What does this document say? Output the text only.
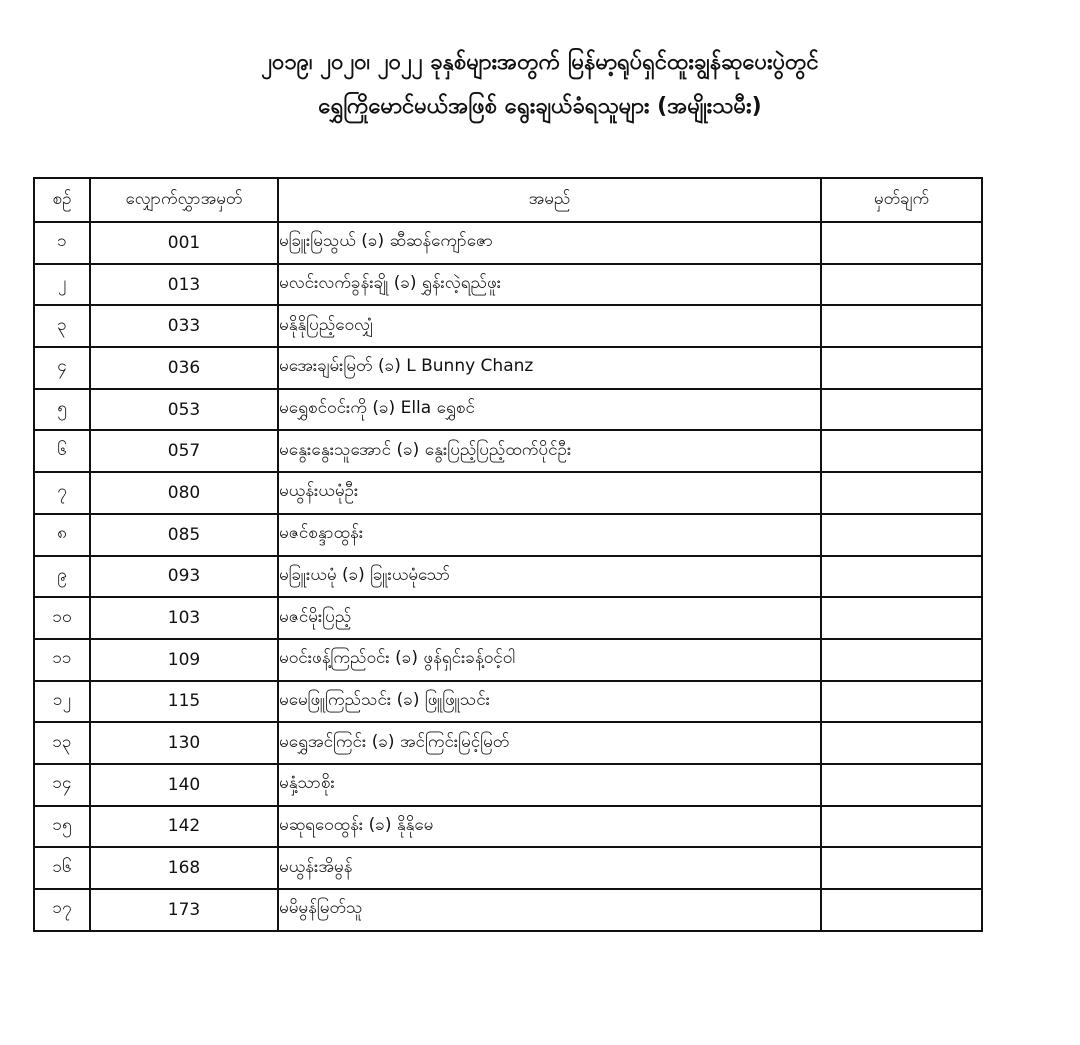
၂၀၁၉၊ ၂၀၂၀၊ ၂၀၂၂ ခုနှစ်များအတွက် မြန်မာ့ရုပ်ရှင်ထူးချွန်ဆုပေးပွဲတွင်
ရွှေကြိုမောင်မယ်အဖြစ် ရွေးချယ်ခံရသူများ (အမျိုးသမီး)
စဉ်	လျှောက်လွှာအမှတ်	အမည်	မှတ်ချက်
၁	001	မခြူးမြသွယ် (ခ) ဆီဆန်ကျော်ဇော	
၂	013	မလင်းလက်ခွန်းချို (ခ) ရွှန်းလဲ့ရည်ဖူး	
၃	033	မနိုနိုပြည့်ဝေလျှံ	
၄	036	မအေးချမ်းမြတ် (ခ) L Bunny Chanz	
၅	053	မရွှေစင်ဝင်းကို (ခ) Ella ရွှေစင်	
၆	057	မနွေးနွေးသူအောင် (ခ) နွေးပြည့်ပြည့်ထက်ပိုင်ဦး	
၇	080	မယွန်းယမုံဦး	
၈	085	မဇင်စန္ဒာထွန်း	
၉	093	မခြူးယမုံ (ခ) ခြူးယမုံသော်	
၁၀	103	မဇင်မိုးပြည့်	
၁၁	109	မဝင်းဖန့်ကြည်ဝင်း (ခ) ဖွန်ရှင်းခန့်ဝင့်ဝါ	
၁၂	115	မမေဖြူကြည်သင်း (ခ) ဖြူဖြူသင်း	
၁၃	130	မရွှေအင်ကြင်း (ခ) အင်ကြင်းမြင့်မြတ်	
၁၄	140	မနှံ့သာစိုး	
၁၅	142	မဆုရဝေထွန်း (ခ) နိုနိုမေ	
၁၆	168	မယွန်းအိမွန်	
၁၇	173	မမိမွန်မြတ်သူ	
